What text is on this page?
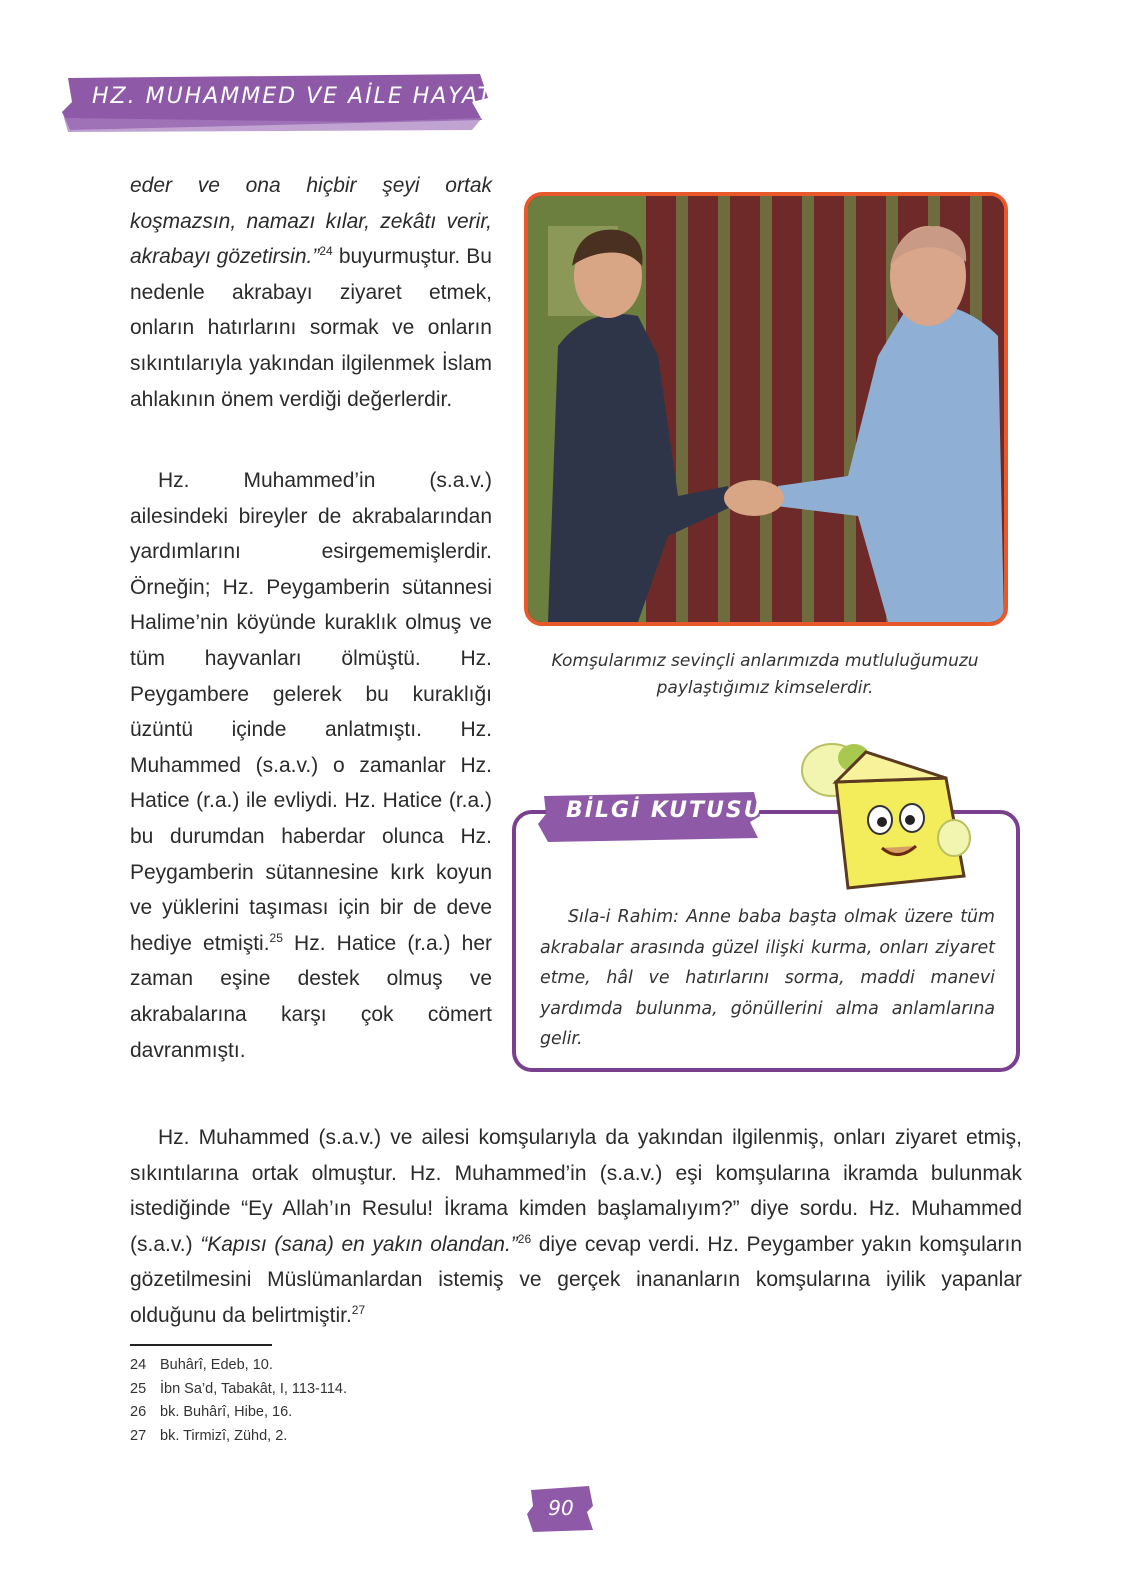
HZ. MUHAMMED VE AİLE HAYATI

eder ve ona hiçbir şeyi ortak koşmazsın, namazı kılar, zekâtı verir, akrabayı gözetirsin.”$^{24}$ buyurmuştur. Bu nedenle akrabayı ziyaret etmek, onların hatırlarını sormak ve onların sıkıntılarıyla yakından ilgilenmek İslam ahlakının önem verdiği değerlerdir.

Hz. Muhammed’in (s.a.v.) ailesindeki bireyler de akrabalarından yardımlarını esirgememişlerdir. Örneğin; Hz. Peygamberin sütannesi Halime’nin köyünde kuraklık olmuş ve tüm hayvanları ölmüştü. Hz. Peygambere gelerek bu kuraklığı üzüntü içinde anlatmıştı. Hz. Muhammed (s.a.v.) o zamanlar Hz. Hatice (r.a.) ile evliydi. Hz. Hatice (r.a.) bu durumdan haberdar olunca Hz. Peygamberin sütannesine kırk koyun ve yüklerini taşıması için bir de deve hediye etmişti.$^{25}$ Hz. Hatice (r.a.) her zaman eşine destek olmuş ve akrabalarına karşı çok cömert davranmıştı.

Komşularımız sevinçli anlarımızda mutluluğumuzu paylaştığımız kimselerdir.
BİLGİ KUTUSU

Sıla-i Rahim: Anne baba başta olmak üzere tüm akrabalar arasında güzel ilişki kurma, onları ziyaret etme, hâl ve hatırlarını sorma, maddi manevi yardımda bulunma, gönüllerini alma anlamlarına gelir.

Hz. Muhammed (s.a.v.) ve ailesi komşularıyla da yakından ilgilenmiş, onları ziyaret etmiş, sıkıntılarına ortak olmuştur. Hz. Muhammed’in (s.a.v.) eşi komşularına ikramda bulunmak istediğinde “Ey Allah’ın Resulu! İkrama kimden başlamalıyım?” diye sordu. Hz. Muhammed (s.a.v.) “Kapısı (sana) en yakın olandan.”$^{26}$ diye cevap verdi. Hz. Peygamber yakın komşuların gözetilmesini Müslümanlardan istemiş ve gerçek inananların komşularına iyilik yapanlar olduğunu da belirtmiştir.$^{27}$

24 Buhârî, Edeb, 10.
25 İbn Sa’d, Tabakât, I, 113-114.
26 bk. Buhârî, Hibe, 16.
27 bk. Tirmizî, Zühd, 2.
90
